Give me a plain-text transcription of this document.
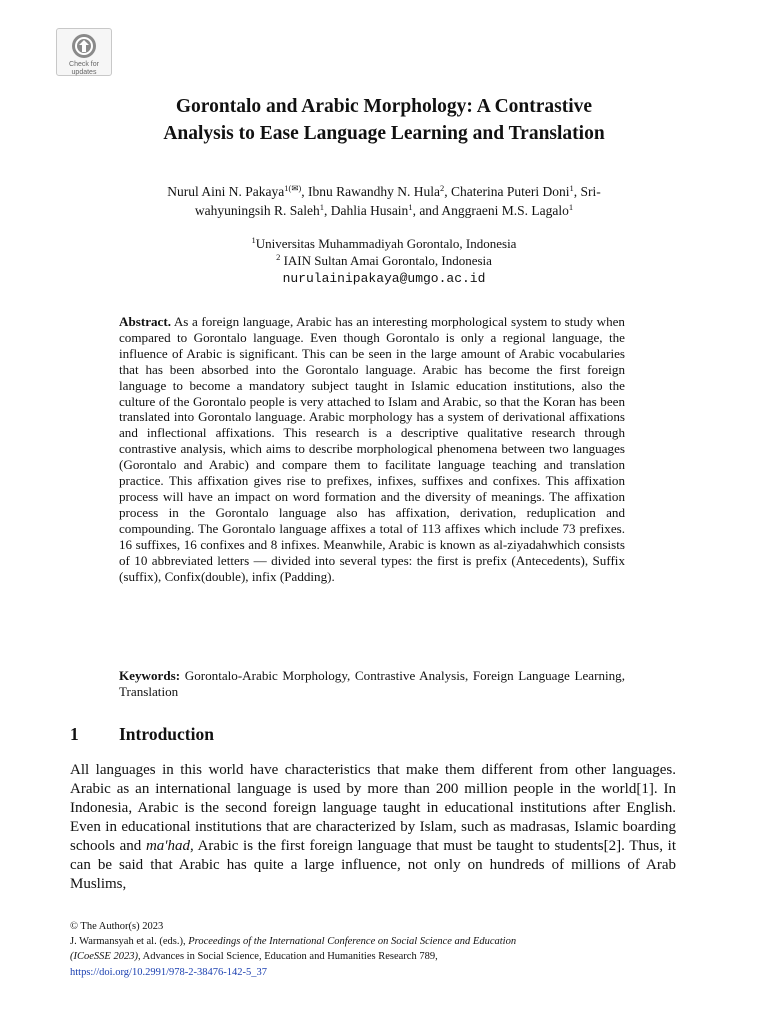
Check for
updates
Gorontalo and Arabic Morphology: A Contrastive
Analysis to Ease Language Learning and Translation
Nurul Aini N. Pakaya$^{1(✉)}$, Ibnu Rawandhy N. Hula$^2$, Chaterina Puteri Doni$^1$, Sri-
wahyuningsih R. Saleh$^1$, Dahlia Husain$^1$, and Anggraeni M.S. Lagalo$^1$
$^1$Universitas Muhammadiyah Gorontalo, Indonesia
$^2$ IAIN Sultan Amai Gorontalo, Indonesia
nurulainipakaya@umgo.ac.id

Abstract. As a foreign language, Arabic has an interesting morphological system to study when compared to Gorontalo language. Even though Gorontalo is only a regional language, the influence of Arabic is significant. This can be seen in the large amount of Arabic vocabularies that has been absorbed into the Gorontalo language. Arabic has become the first foreign language to become a mandatory subject taught in Islamic education institutions, also the culture of the Gorontalo people is very attached to Islam and Arabic, so that the Koran has been translated into Gorontalo language. Arabic morphology has a system of derivational affixations and inflectional affixations. This research is a descriptive qualitative research through contrastive analysis, which aims to describe morphological phenomena between two languages (Gorontalo and Arabic) and compare them to facilitate language teaching and translation practice. This affixation gives rise to prefixes, infixes, suffixes and confixes. This affixation process will have an impact on word formation and the diversity of meanings. The affixation process in the Gorontalo language also has affixation, derivation, reduplication and compounding. The Gorontalo language affixes a total of 113 affixes which include 73 prefixes. 16 suffixes, 16 confixes and 8 infixes. Meanwhile, Arabic is known as al-ziyadahwhich consists of 10 abbreviated letters — divided into several types: the first is prefix (Antecedents), Suffix (suffix), Confix(double), infix (Padding).

Keywords: Gorontalo-Arabic Morphology, Contrastive Analysis, Foreign Language Learning, Translation

1 Introduction

All languages in this world have characteristics that make them different from other languages. Arabic as an international language is used by more than 200 million people in the world[1]. In Indonesia, Arabic is the second foreign language taught in educational institutions after English. Even in educational institutions that are characterized by Islam, such as madrasas, Islamic boarding schools and ma'had, Arabic is the first foreign language that must be taught to students[2]. Thus, it can be said that Arabic has quite a large influence, not only on hundreds of millions of Arab Muslims,

© The Author(s) 2023
J. Warmansyah et al. (eds.), Proceedings of the International Conference on Social Science and Education
(ICoeSSE 2023), Advances in Social Science, Education and Humanities Research 789,
https://doi.org/10.2991/978-2-38476-142-5_37
